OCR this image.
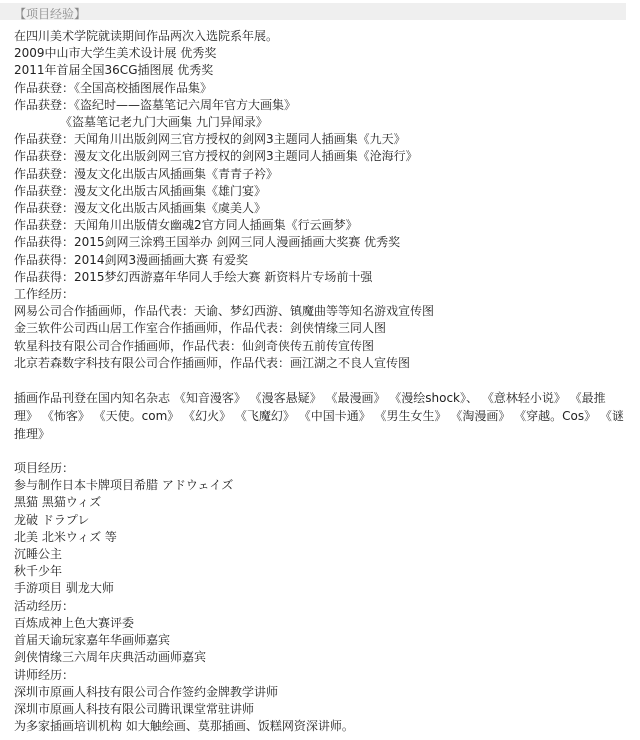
【项目经验】
在四川美术学院就读期间作品两次入选院系年展。
2009中山市大学生美术设计展 优秀奖
2011年首届全国36CG插图展 优秀奖
作品获登：《全国高校插图展作品集》
作品获登：《盗纪时——盗墓笔记六周年官方大画集》
《盗墓笔记老九门大画集 九门异闻录》
作品获登：天闻角川出版剑网三官方授权的剑网3主题同人插画集《九天》
作品获登：漫友文化出版剑网三官方授权的剑网3主题同人插画集《沧海行》
作品获登：漫友文化出版古风插画集《青青子衿》
作品获登：漫友文化出版古风插画集《雄门宴》
作品获登：漫友文化出版古风插画集《虞美人》
作品获登：天闻角川出版倩女幽魂2官方同人插画集《行云画梦》
作品获得：2015剑网三涂鸦王国举办 剑网三同人漫画插画大奖赛 优秀奖
作品获得：2014剑网3漫画插画大赛 有爱奖
作品获得：2015梦幻西游嘉年华同人手绘大赛 新资料片专场前十强
工作经历：
网易公司合作插画师，作品代表：天谕、梦幻西游、镇魔曲等等知名游戏宣传图
金三软件公司西山居工作室合作插画师，作品代表：剑侠情缘三同人图
软星科技有限公司合作插画师，作品代表：仙剑奇侠传五前传宣传图
北京若森数字科技有限公司合作插画师，作品代表：画江湖之不良人宣传图
插画作品刊登在国内知名杂志 《知音漫客》 《漫客悬疑》 《最漫画》 《漫绘shock》、 《意林轻小说》 《最推理》 《怖客》 《天使。com》 《幻火》 《飞魔幻》 《中国卡通》 《男生女生》 《淘漫画》 《穿越。Cos》 《谜推理》
项目经历：
参与制作日本卡牌项目希腊 アドウェイズ
黑猫 黑猫ウィズ
龙破 ドラプレ
北美 北米ウィズ 等
沉睡公主
秋千少年
手游项目 驯龙大师
活动经历：
百炼成神上色大赛评委
首届天谕玩家嘉年华画师嘉宾
剑侠情缘三六周年庆典活动画师嘉宾
讲师经历：
深圳市原画人科技有限公司合作签约金牌教学讲师
深圳市原画人科技有限公司腾讯课堂常驻讲师
为多家插画培训机构 如大触绘画、莫那插画、饭糕网资深讲师。
